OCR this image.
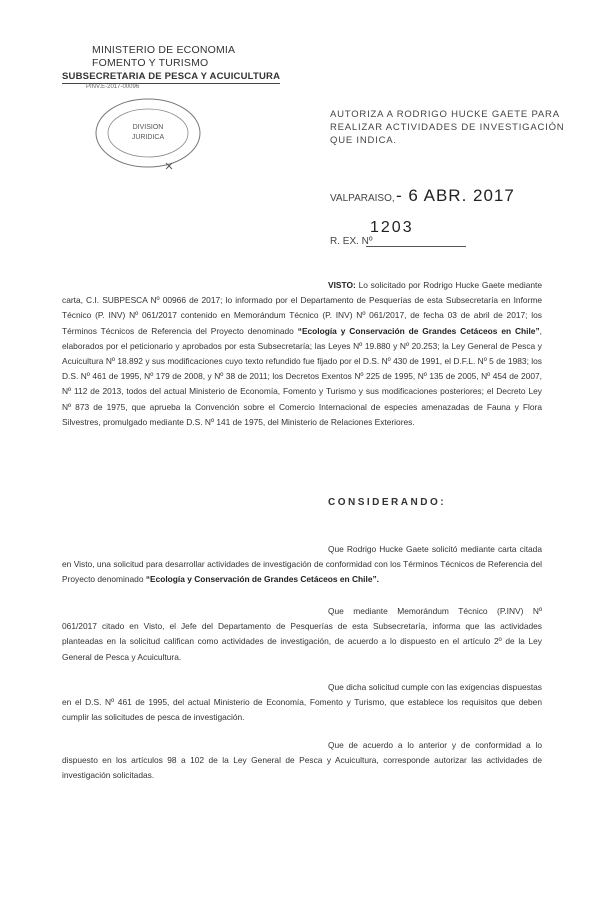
MINISTERIO DE ECONOMIA
FOMENTO Y TURISMO
SUBSECRETARIA DE PESCA Y ACUICULTURA
PINV.E-2017-00096
DIVISION
JURIDICA
AUTORIZA A RODRIGO HUCKE GAETE PARA REALIZAR ACTIVIDADES DE INVESTIGACIÓN QUE INDICA.
VALPARAISO, - 6 ABR. 2017
1203
R. EX. Nº
VISTO: Lo solicitado por Rodrigo Hucke Gaete mediante carta, C.I. SUBPESCA Nº 00966 de 2017; lo informado por el Departamento de Pesquerías de esta Subsecretaría en Informe Técnico (P. INV) Nº 061/2017 contenido en Memorándum Técnico (P. INV) Nº 061/2017, de fecha 03 de abril de 2017; los Términos Técnicos de Referencia del Proyecto denominado “Ecología y Conservación de Grandes Cetáceos en Chile”, elaborados por el peticionario y aprobados por esta Subsecretaría; las Leyes Nº 19.880 y Nº 20.253; la Ley General de Pesca y Acuicultura Nº 18.892 y sus modificaciones cuyo texto refundido fue fijado por el D.S. Nº 430 de 1991, el D.F.L. Nº 5 de 1983; los D.S. Nº 461 de 1995, Nº 179 de 2008, y Nº 38 de 2011; los Decretos Exentos Nº 225 de 1995, Nº 135 de 2005, Nº 454 de 2007, Nº 112 de 2013, todos del actual Ministerio de Economía, Fomento y Turismo y sus modificaciones posteriores; el Decreto Ley Nº 873 de 1975, que aprueba la Convención sobre el Comercio Internacional de especies amenazadas de Fauna y Flora Silvestres, promulgado mediante D.S. Nº 141 de 1975, del Ministerio de Relaciones Exteriores.
CONSIDERANDO:
Que Rodrigo Hucke Gaete solicitó mediante carta citada en Visto, una solicitud para desarrollar actividades de investigación de conformidad con los Términos Técnicos de Referencia del Proyecto denominado “Ecología y Conservación de Grandes Cetáceos en Chile”.
Que mediante Memorándum Técnico (P.INV) Nº 061/2017 citado en Visto, el Jefe del Departamento de Pesquerías de esta Subsecretaría, informa que las actividades planteadas en la solicitud califican como actividades de investigación, de acuerdo a lo dispuesto en el artículo 2º de la Ley General de Pesca y Acuicultura.
Que dicha solicitud cumple con las exigencias dispuestas en el D.S. Nº 461 de 1995, del actual Ministerio de Economía, Fomento y Turismo, que establece los requisitos que deben cumplir las solicitudes de pesca de investigación.
Que de acuerdo a lo anterior y de conformidad a lo dispuesto en los artículos 98 a 102 de la Ley General de Pesca y Acuicultura, corresponde autorizar las actividades de investigación solicitadas.
